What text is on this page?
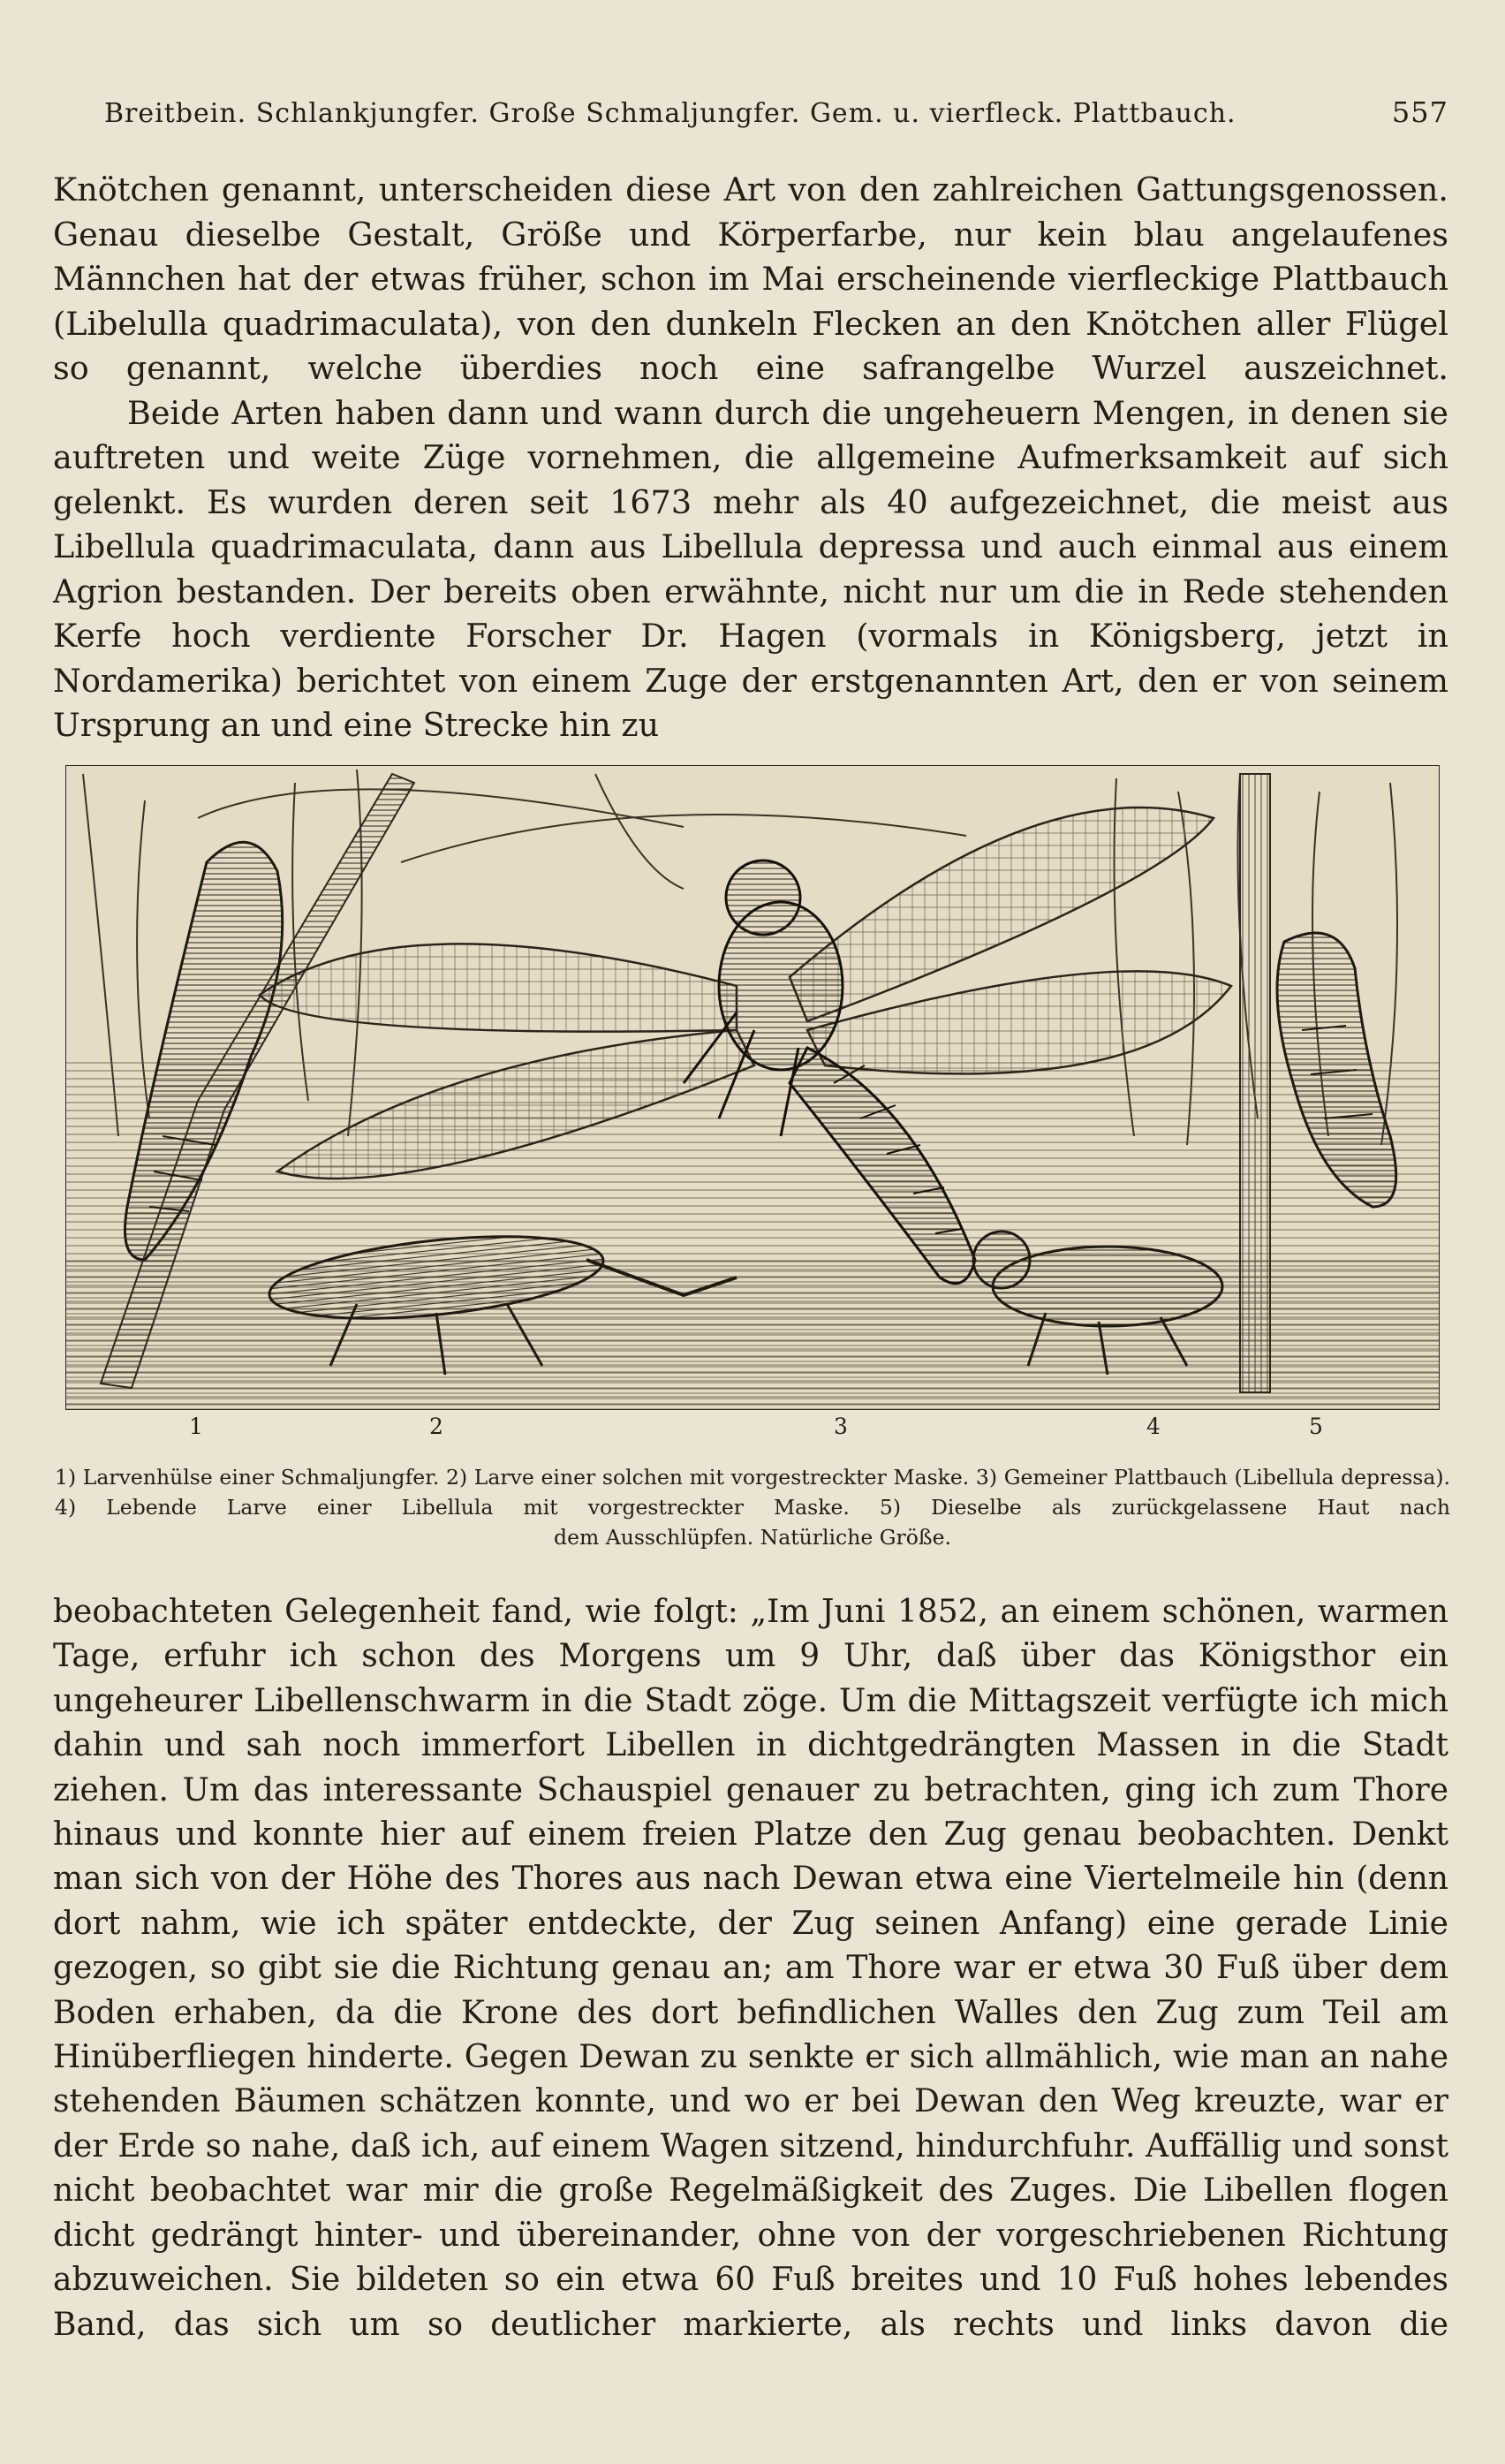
Breitbein. Schlankjungfer. Große Schmaljungfer. Gem. u. vierfleck. Plattbauch.	557

Knötchen genannt, unterscheiden diese Art von den zahlreichen Gattungsgenossen. Genau dieselbe Gestalt, Größe und Körperfarbe, nur kein blau angelaufenes Männchen hat der etwas früher, schon im Mai erscheinende vierfleckige Plattbauch (Libelulla quadrimaculata), von den dunkeln Flecken an den Knötchen aller Flügel so genannt, welche überdies noch eine safrangelbe Wurzel auszeichnet.

Beide Arten haben dann und wann durch die ungeheuern Mengen, in denen sie auftreten und weite Züge vornehmen, die allgemeine Aufmerksamkeit auf sich gelenkt. Es wurden deren seit 1673 mehr als 40 aufgezeichnet, die meist aus Libellula quadrimaculata, dann aus Libellula depressa und auch einmal aus einem Agrion bestanden. Der bereits oben erwähnte, nicht nur um die in Rede stehenden Kerfe hoch verdiente Forscher Dr. Hagen (vormals in Königsberg, jetzt in Nordamerika) berichtet von einem Zuge der erstgenannten Art, den er von seinem Ursprung an und eine Strecke hin zu

1	2	3	4	5
1) Larvenhülse einer Schmaljungfer. 2) Larve einer solchen mit vorgestreckter Maske. 3) Gemeiner Plattbauch (Libellula depressa). 4) Lebende Larve einer Libellula mit vorgestreckter Maske. 5) Dieselbe als zurückgelassene Haut nach
dem Ausschlüpfen. Natürliche Größe.

beobachteten Gelegenheit fand, wie folgt: „Im Juni 1852, an einem schönen, warmen Tage, erfuhr ich schon des Morgens um 9 Uhr, daß über das Königsthor ein ungeheurer Libellenschwarm in die Stadt zöge. Um die Mittagszeit verfügte ich mich dahin und sah noch immerfort Libellen in dichtgedrängten Massen in die Stadt ziehen. Um das interessante Schauspiel genauer zu betrachten, ging ich zum Thore hinaus und konnte hier auf einem freien Platze den Zug genau beobachten. Denkt man sich von der Höhe des Thores aus nach Dewan etwa eine Viertelmeile hin (denn dort nahm, wie ich später entdeckte, der Zug seinen Anfang) eine gerade Linie gezogen, so gibt sie die Richtung genau an; am Thore war er etwa 30 Fuß über dem Boden erhaben, da die Krone des dort befindlichen Walles den Zug zum Teil am Hinüberfliegen hinderte. Gegen Dewan zu senkte er sich allmählich, wie man an nahe stehenden Bäumen schätzen konnte, und wo er bei Dewan den Weg kreuzte, war er der Erde so nahe, daß ich, auf einem Wagen sitzend, hindurchfuhr. Auffällig und sonst nicht beobachtet war mir die große Regelmäßigkeit des Zuges. Die Libellen flogen dicht gedrängt hinter- und übereinander, ohne von der vorgeschriebenen Richtung abzuweichen. Sie bildeten so ein etwa 60 Fuß breites und 10 Fuß hohes lebendes Band, das sich um so deutlicher markierte, als rechts und links davon die
